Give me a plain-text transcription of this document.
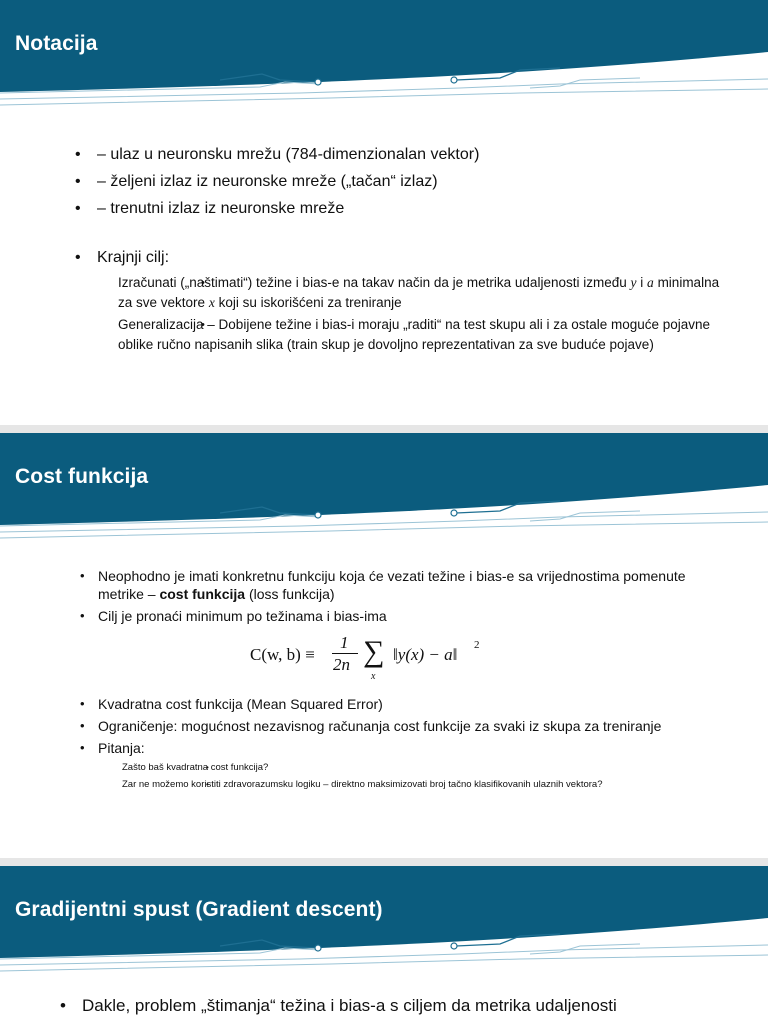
Notacija
• – ulaz u neuronsku mrežu (784-dimenzionalan vektor)
• – željeni izlaz iz neuronske mreže („tačan“ izlaz)
• – trenutni izlaz iz neuronske mreže
• Krajnji cilj:
• Izračunati („naštimati“) težine i bias-e na takav način da je metrika udaljenosti između y i a minimalna za sve vektore x koji su iskorišćeni za treniranje
• Generalizacija – Dobijene težine i bias-i moraju „raditi“ na test skupu ali i za ostale moguće pojavne oblike ručno napisanih slika (train skup je dovoljno reprezentativan za sve buduće pojave)
Cost funkcija
• Neophodno je imati konkretnu funkciju koja će vezati težine i bias-e sa vrijednostima pomenute metrike – cost funkcija (loss funkcija)
• Cilj je pronaći minimum po težinama i bias-ima
C(w, b) ≡
1
2n ∑
x
‖y(x) − a‖ 2
• Kvadratna cost funkcija (Mean Squared Error)
• Ograničenje: mogućnost nezavisnog računanja cost funkcije za svaki iz skupa za treniranje
• Pitanja:
• Zašto baš kvadratna cost funkcija?
• Zar ne možemo koristiti zdravorazumsku logiku – direktno maksimizovati broj tačno klasifikovanih ulaznih vektora?
Gradijentni spust (Gradient descent)
• Dakle, problem „štimanja“ težina i bias-a s ciljem da metrika udaljenosti
